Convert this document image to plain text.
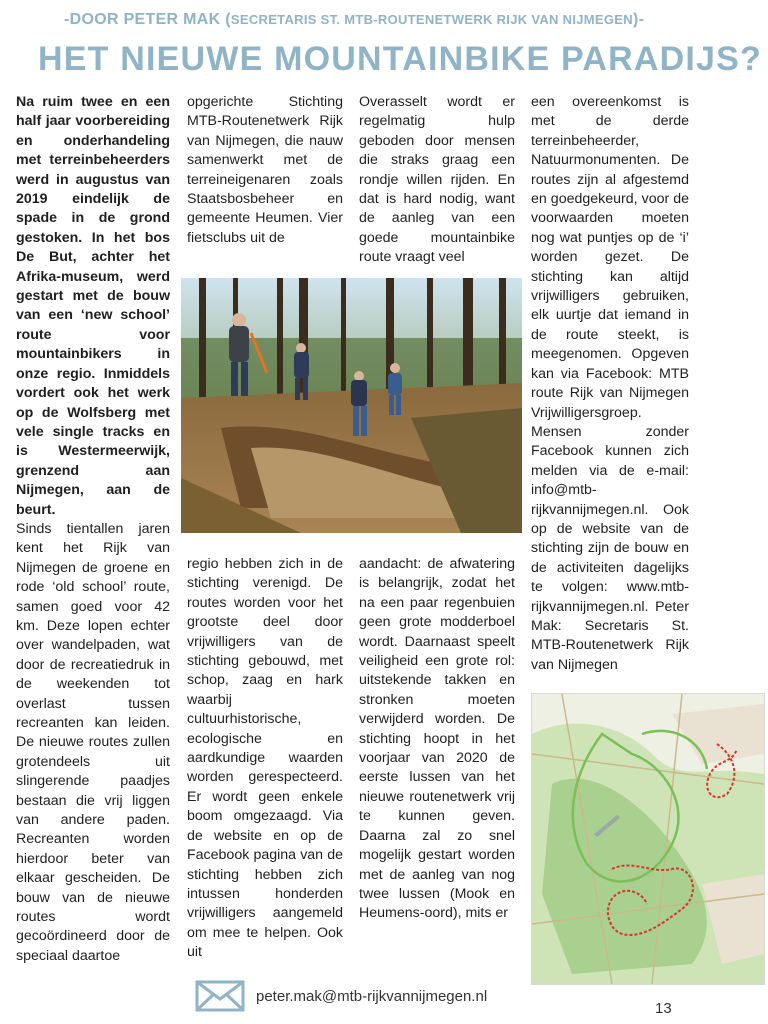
-DOOR PETER MAK (SECRETARIS ST. MTB-ROUTENETWERK RIJK VAN NIJMEGEN)-
HET NIEUWE MOUNTAINBIKE PARADIJS?

Na ruim twee en een half jaar voorbereiding en onderhandeling met terreinbeheerders werd in augustus van 2019 eindelijk de spade in de grond gestoken. In het bos De But, achter het Afrika-museum, werd gestart met de bouw van een ‘new school’ route voor mountainbikers in onze regio. Inmiddels vordert ook het werk op de Wolfsberg met vele single tracks en is Westermeerwijk, grenzend aan Nijmegen, aan de beurt.

Sinds tientallen jaren kent het Rijk van Nijmegen de groene en rode ‘old school’ route, samen goed voor 42 km. Deze lopen echter over wandelpaden, wat door de recreatiedruk in de weekenden tot overlast tussen recreanten kan leiden. De nieuwe routes zullen grotendeels uit slingerende paadjes bestaan die vrij liggen van andere paden. Recreanten worden hierdoor beter van elkaar gescheiden. De bouw van de nieuwe routes wordt gecoördineerd door de speciaal daartoe

opgerichte Stichting MTB-Routenetwerk Rijk van Nijmegen, die nauw samenwerkt met de terreineigenaren zoals Staatsbosbeheer en gemeente Heumen. Vier fietsclubs uit de

Overasselt wordt er regelmatig hulp geboden door mensen die straks graag een rondje willen rijden. En dat is hard nodig, want de aanleg van een goede mountainbike route vraagt veel

regio hebben zich in de stichting verenigd. De routes worden voor het grootste deel door vrijwilligers van de stichting gebouwd, met schop, zaag en hark waarbij cultuurhistorische, ecologische en aardkundige waarden worden gerespecteerd. Er wordt geen enkele boom omgezaagd. Via de website en op de Facebook pagina van de stichting hebben zich intussen honderden vrijwilligers aangemeld om mee te helpen. Ook uit

aandacht: de afwatering is belangrijk, zodat het na een paar regenbuien geen grote modderboel wordt. Daarnaast speelt veiligheid een grote rol: uitstekende takken en stronken moeten verwijderd worden. De stichting hoopt in het voorjaar van 2020 de eerste lussen van het nieuwe routenetwerk vrij te kunnen geven. Daarna zal zo snel mogelijk gestart worden met de aanleg van nog twee lussen (Mook en Heumens-oord), mits er

een overeenkomst is met de derde terreinbeheerder, Natuurmonumenten. De routes zijn al afgestemd en goedgekeurd, voor de voorwaarden moeten nog wat puntjes op de ‘i’ worden gezet. De stichting kan altijd vrijwilligers gebruiken, elk uurtje dat iemand in de route steekt, is meegenomen. Opgeven kan via Facebook: MTB route Rijk van Nijmegen Vrijwilligersgroep. Mensen zonder Facebook kunnen zich melden via de e-mail: info@mtb-rijkvannijmegen.nl. Ook op de website van de stichting zijn de bouw en de activiteiten dagelijks te volgen: www.mtb-rijkvannijmegen.nl. Peter Mak: Secretaris St. MTB-Routenetwerk Rijk van Nijmegen

peter.mak@mtb-rijkvannijmegen.nl
13
